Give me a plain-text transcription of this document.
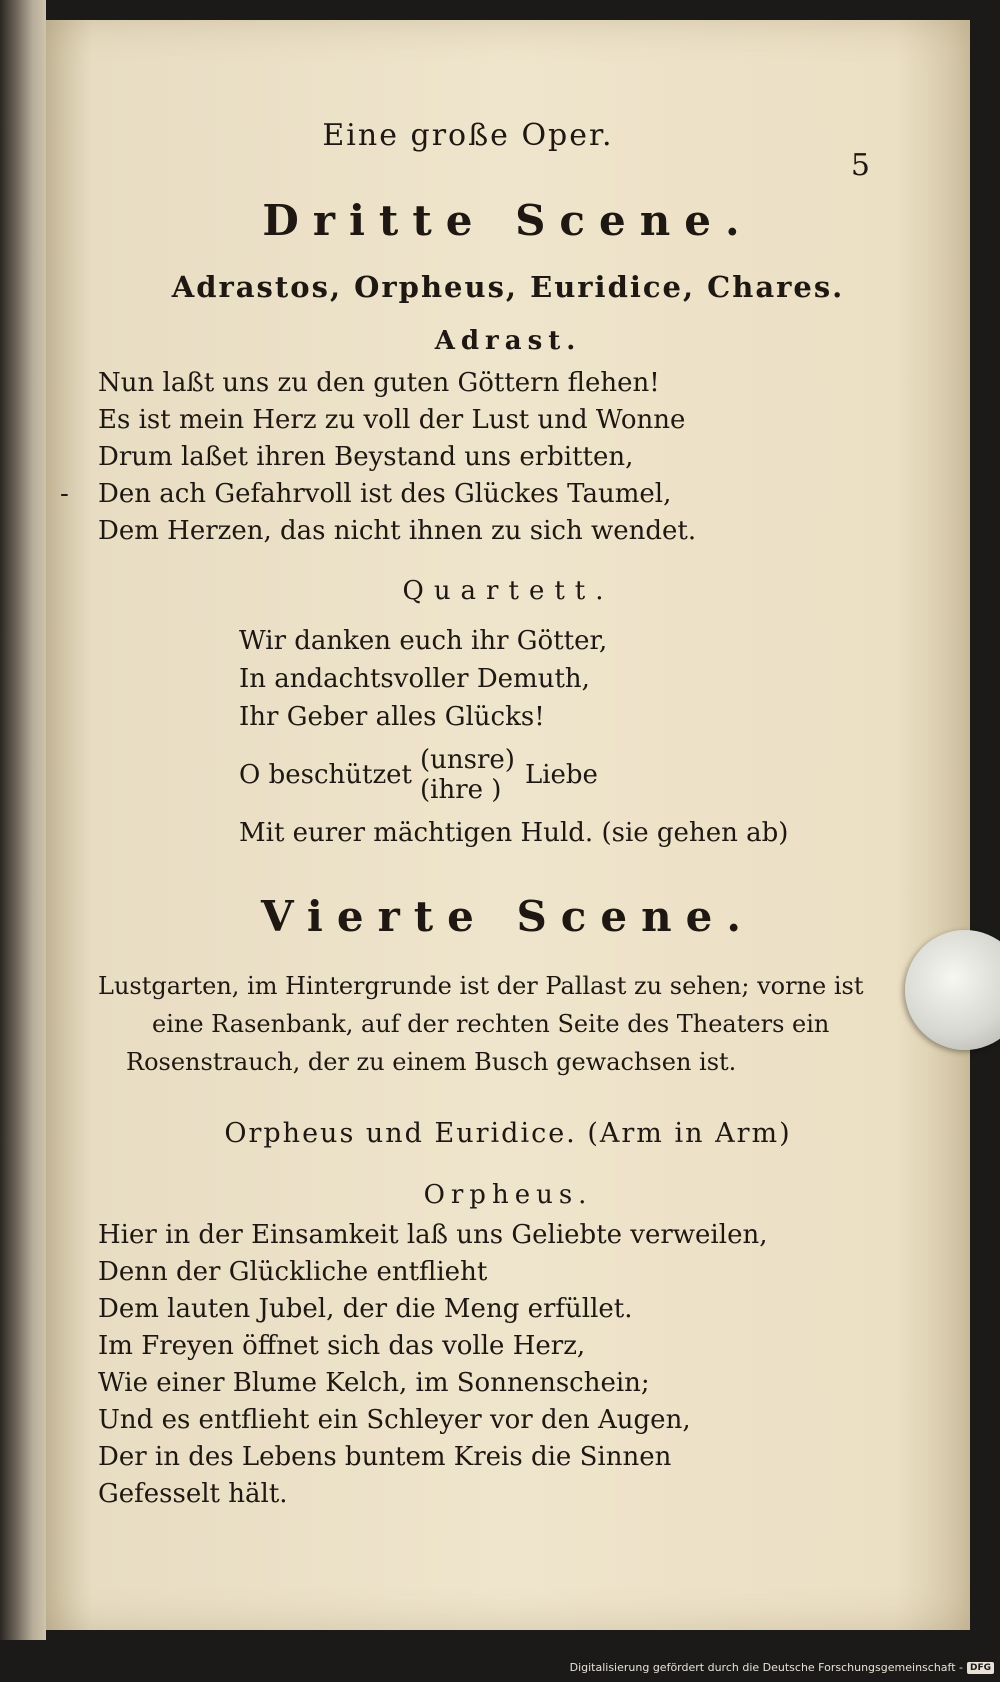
Eine große Oper.
5
Dritte Scene.
Adrastos, Orpheus, Euridice, Chares.
Adrast.
Nun laßt uns zu den guten Göttern flehen!
Es ist mein Herz zu voll der Lust und Wonne
Drum laßet ihren Beystand uns erbitten,
- Den ach Gefahrvoll ist des Glückes Taumel,
Dem Herzen, das nicht ihnen zu sich wendet.
Quartett.
Wir danken euch ihr Götter,
In andachtsvoller Demuth,
Ihr Geber alles Glücks!
O beschützet (unsre)
(ihre ) Liebe
Mit eurer mächtigen Huld. (sie gehen ab)
Vierte Scene.
Lustgarten, im Hintergrunde ist der Pallast zu sehen; vorne ist
eine Rasenbank, auf der rechten Seite des Theaters ein
Rosenstrauch, der zu einem Busch gewachsen ist.
Orpheus und Euridice. (Arm in Arm)
Orpheus.
Hier in der Einsamkeit laß uns Geliebte verweilen,
Denn der Glückliche entflieht
Dem lauten Jubel, der die Meng erfüllet.
Im Freyen öffnet sich das volle Herz,
Wie einer Blume Kelch, im Sonnenschein;
Und es entflieht ein Schleyer vor den Augen,
Der in des Lebens buntem Kreis die Sinnen
Gefesselt hält.
Digitalisierung gefördert durch die Deutsche Forschungsgemeinschaft - DFG
